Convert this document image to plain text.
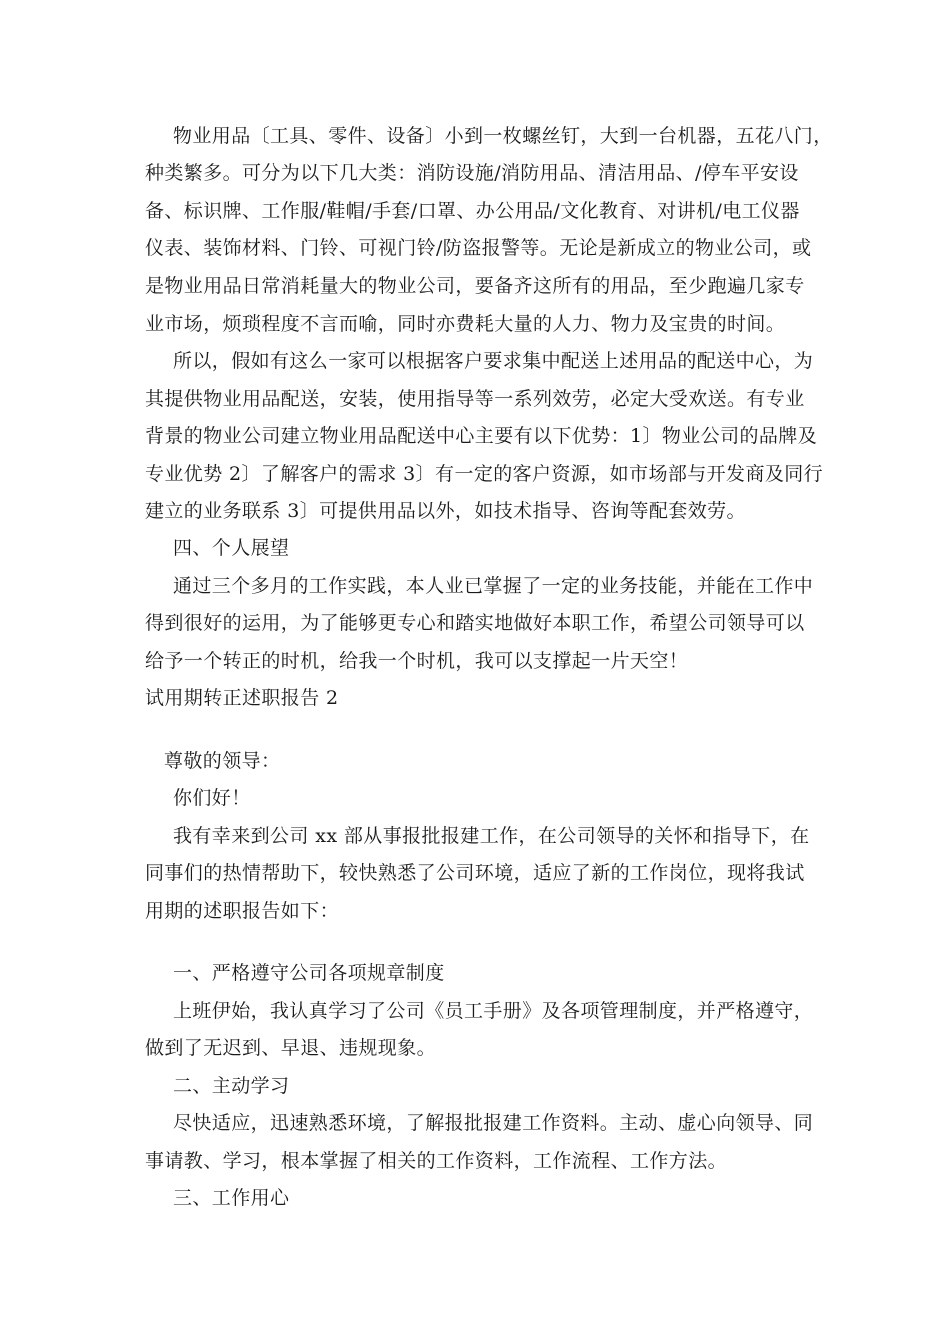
物业用品〔工具、零件、设备〕小到一枚螺丝钉，大到一台机器，五花八门，
种类繁多。可分为以下几大类：消防设施/消防用品、清洁用品、/停车平安设
备、标识牌、工作服/鞋帽/手套/口罩、办公用品/文化教育、对讲机/电工仪器
仪表、装饰材料、门铃、可视门铃/防盗报警等。无论是新成立的物业公司，或
是物业用品日常消耗量大的物业公司，要备齐这所有的用品，至少跑遍几家专
业市场，烦琐程度不言而喻，同时亦费耗大量的人力、物力及宝贵的时间。
所以，假如有这么一家可以根据客户要求集中配送上述用品的配送中心，为
其提供物业用品配送，安装，使用指导等一系列效劳，必定大受欢送。有专业
背景的物业公司建立物业用品配送中心主要有以下优势：1〕物业公司的品牌及
专业优势 2〕了解客户的需求 3〕有一定的客户资源，如市场部与开发商及同行
建立的业务联系 3〕可提供用品以外，如技术指导、咨询等配套效劳。
四、个人展望
通过三个多月的工作实践，本人业已掌握了一定的业务技能，并能在工作中
得到很好的运用，为了能够更专心和踏实地做好本职工作，希望公司领导可以
给予一个转正的时机，给我一个时机，我可以支撑起一片天空！
试用期转正述职报告 2
尊敬的领导：
你们好！
我有幸来到公司 xx 部从事报批报建工作，在公司领导的关怀和指导下，在
同事们的热情帮助下，较快熟悉了公司环境，适应了新的工作岗位，现将我试
用期的述职报告如下：
一、严格遵守公司各项规章制度
上班伊始，我认真学习了公司《员工手册》及各项管理制度，并严格遵守，
做到了无迟到、早退、违规现象。
二、主动学习
尽快适应，迅速熟悉环境，了解报批报建工作资料。主动、虚心向领导、同
事请教、学习，根本掌握了相关的工作资料，工作流程、工作方法。
三、工作用心
